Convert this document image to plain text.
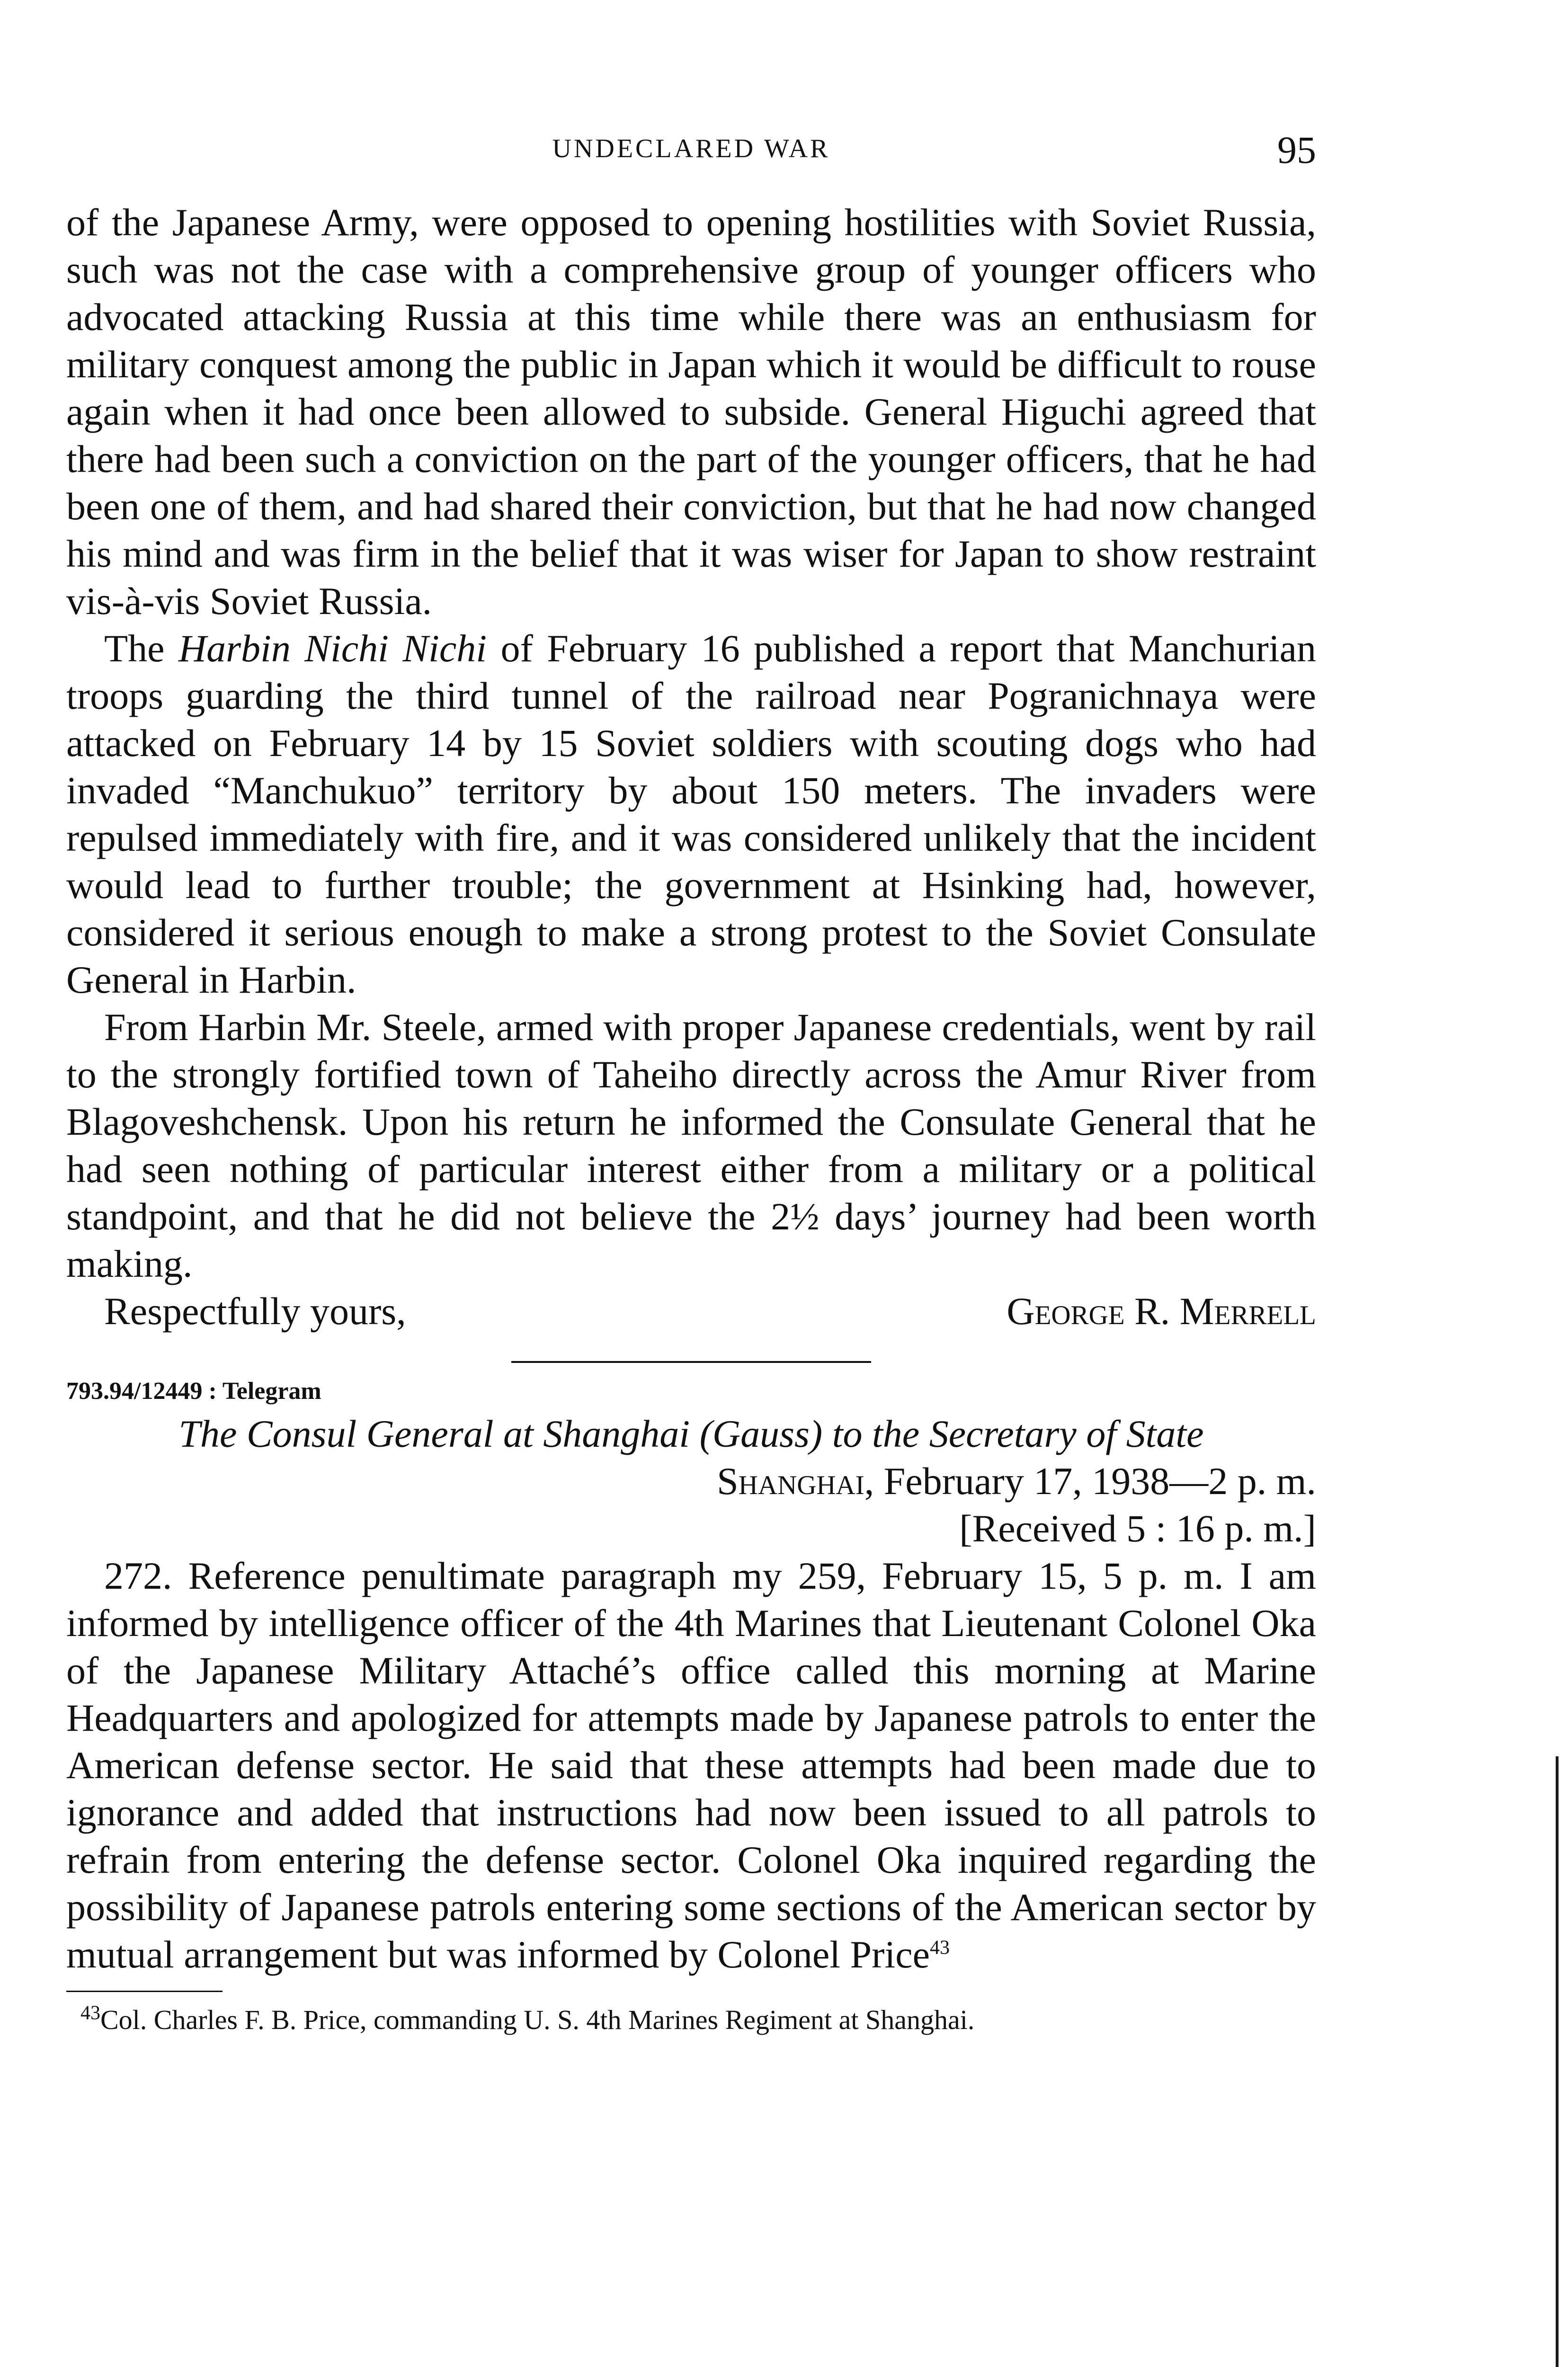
UNDECLARED WAR	95

of the Japanese Army, were opposed to opening hostilities with Soviet Russia, such was not the case with a comprehensive group of younger officers who advocated attacking Russia at this time while there was an enthusiasm for military conquest among the public in Japan which it would be difficult to rouse again when it had once been allowed to subside. General Higuchi agreed that there had been such a conviction on the part of the younger officers, that he had been one of them, and had shared their conviction, but that he had now changed his mind and was firm in the belief that it was wiser for Japan to show restraint vis-à-vis Soviet Russia.

The Harbin Nichi Nichi of February 16 published a report that Manchurian troops guarding the third tunnel of the railroad near Pogranichnaya were attacked on February 14 by 15 Soviet soldiers with scouting dogs who had invaded “Manchukuo” territory by about 150 meters. The invaders were repulsed immediately with fire, and it was considered unlikely that the incident would lead to further trouble; the government at Hsinking had, however, considered it serious enough to make a strong protest to the Soviet Consulate General in Harbin.

From Harbin Mr. Steele, armed with proper Japanese credentials, went by rail to the strongly fortified town of Taheiho directly across the Amur River from Blagoveshchensk. Upon his return he informed the Consulate General that he had seen nothing of particular interest either from a military or a political standpoint, and that he did not believe the 2½ days’ journey had been worth making.

Respectfully yours,	George R. Merrell

793.94/12449 : Telegram

The Consul General at Shanghai (Gauss) to the Secretary of State

Shanghai, February 17, 1938—2 p. m.

[Received 5 : 16 p. m.]

272. Reference penultimate paragraph my 259, February 15, 5 p. m. I am informed by intelligence officer of the 4th Marines that Lieutenant Colonel Oka of the Japanese Military Attaché’s office called this morning at Marine Headquarters and apologized for attempts made by Japanese patrols to enter the American defense sector. He said that these attempts had been made due to ignorance and added that instructions had now been issued to all patrols to refrain from entering the defense sector. Colonel Oka inquired regarding the possibility of Japanese patrols entering some sections of the American sector by mutual arrangement but was informed by Colonel Price$^{43}$

$^{43}$Col. Charles F. B. Price, commanding U. S. 4th Marines Regiment at Shanghai.
